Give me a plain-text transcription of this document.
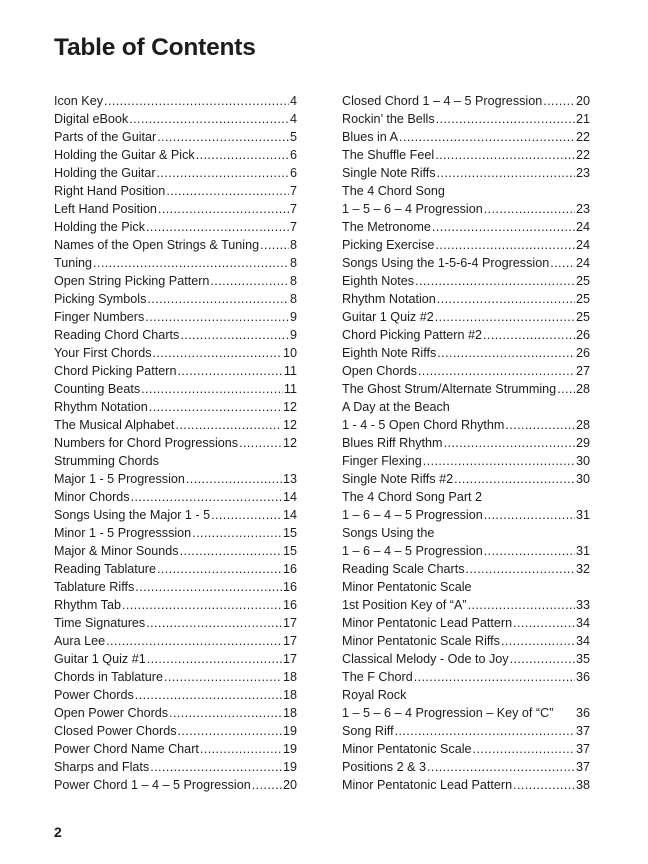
Table of Contents
Icon Key .....	4
Digital eBook .....	4
Parts of the Guitar .....	5
Holding the Guitar & Pick .....	6
Holding the Guitar .....	6
Right Hand Position .....	7
Left Hand Position .....	7
Holding the Pick .....	7
Names of the Open Strings & Tuning ..... 8
Tuning .....	8
Open String Picking Pattern .....	8
Picking Symbols .....	8
Finger Numbers .....	9
Reading Chord Charts .....	9
Your First Chords .....	10
Chord Picking Pattern .....	11
Counting Beats .....	11
Rhythm Notation .....	12
The Musical Alphabet .....	12
Numbers for Chord Progressions .....	12
Strumming Chords
Major 1 - 5 Progression .....	13
Minor Chords .....	14
Songs Using the Major 1 - 5 .....	14
Minor 1 - 5 Progresssion .....	15
Major & Minor Sounds .....	15
Reading Tablature .....	16
Tablature Riffs .....	16
Rhythm Tab .....	16
Time Signatures .....	17
Aura Lee .....	17
Guitar 1 Quiz #1 .....	17
Chords in Tablature .....	18
Power Chords .....	18
Open Power Chords .....	18
Closed Power Chords .....	19
Power Chord Name Chart .....	19
Sharps and Flats .....	19
Power Chord 1 – 4 – 5 Progression .....	20
Closed Chord 1 – 4 – 5 Progression .....	20
Rockin’ the Bells .....	21
Blues in A .....	22
The Shuffle Feel .....	22
Single Note Riffs .....	23
The 4 Chord Song
1 – 5 – 6 – 4 Progression .....	23
The Metronome .....	24
Picking Exercise .....	24
Songs Using the 1-5-6-4 Progression ..... 24
Eighth Notes .....	25
Rhythm Notation .....	25
Guitar 1 Quiz #2 .....	25
Chord Picking Pattern #2 .....	26
Eighth Note Riffs .....	26
Open Chords .....	27
The Ghost Strum/Alternate Strumming ..... 28
A Day at the Beach
1 - 4 - 5 Open Chord Rhythm .....	28
Blues Riff Rhythm .....	29
Finger Flexing .....	30
Single Note Riffs #2 .....	30
The 4 Chord Song Part 2
1 – 6 – 4 – 5 Progression .....	31
Songs Using the
1 – 6 – 4 – 5 Progression .....	31
Reading Scale Charts .....	32
Minor Pentatonic Scale
1st Position Key of “A” .....	33
Minor Pentatonic Lead Pattern .....	34
Minor Pentatonic Scale Riffs .....	34
Classical Melody - Ode to Joy .....	35
The F Chord .....	36
Royal Rock
1 – 5 – 6 – 4 Progression – Key of “C” 36
Song Riff .....	37
Minor Pentatonic Scale .....	37
Positions 2 & 3 .....	37
Minor Pentatonic Lead Pattern .....	38
2
